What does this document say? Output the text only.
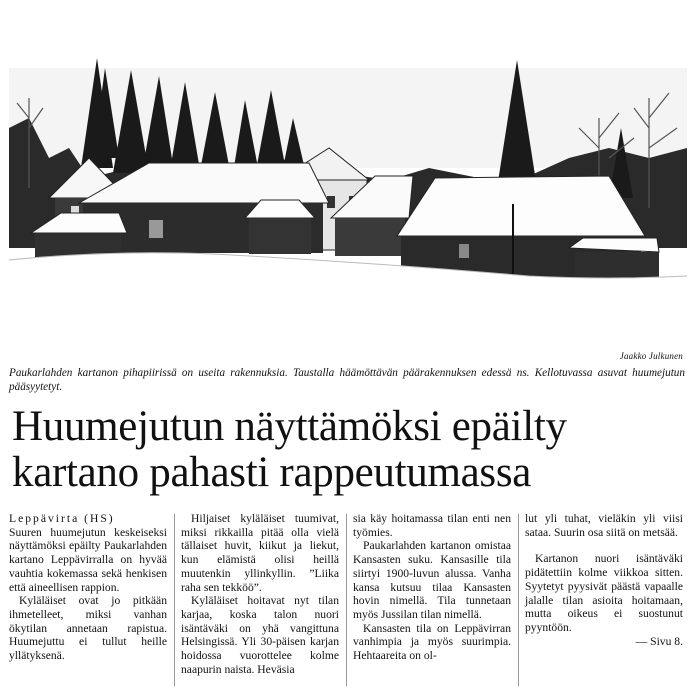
Jaakko Julkunen
Paukarlahden kartanon pihapiirissä on useita rakennuksia. Taustalla häämöttävän päärakennuksen edessä ns. Kellotuvassa asuvat huumejutun pääsyytetyt.
Huumejutun näyttämöksi epäilty
kartano pahasti rappeutumassa

Leppävirta (HS)

Suuren huumejutun keskeiseksi näyttämöksi epäilty Paukarlahden kartano Leppävirralla on hyvää vauhtia kokemassa sekä henkisen että aineellisen rappion.

Kyläläiset ovat jo pitkään ihmetelleet, miksi vanhan ökytilan annetaan rapistua. Huumejuttu ei tullut heille yllätyksenä.

Hiljaiset kyläläiset tuumivat, miksi rikkailla pitää olla vielä tällaiset huvit, kiikut ja liekut, kun elämistä olisi heillä muutenkin yllinkyllin. ”Liika raha sen tekköö”.

Kyläläiset hoitavat nyt tilan karjaa, koska talon nuori isäntäväki on yhä vangittuna Helsingissä. Yli 30-päisen karjan hoidossa vuorottelee kolme naapurin naista. Heväsia

sia käy hoitamassa tilan enti nen työmies.

Paukarlahden kartanon omistaa Kansasten suku. Kansasille tila siirtyi 1900-luvun alussa. Vanha kansa kutsuu tilaa Kansasten hovin nimellä. Tila tunnetaan myös Jussilan tilan nimellä.

Kansasten tila on Leppävirran vanhimpia ja myös suurimpia. Hehtaareita on ol-

lut yli tuhat, vieläkin yli viisi sataa. Suurin osa siitä on metsää.

Kartanon nuori isäntäväki pidätettiin kolme viikkoa sitten. Syytetyt pyysivät päästä vapaalle jalalle tilan asioita hoitamaan, mutta oikeus ei suostunut pyyntöön.

— Sivu 8.
